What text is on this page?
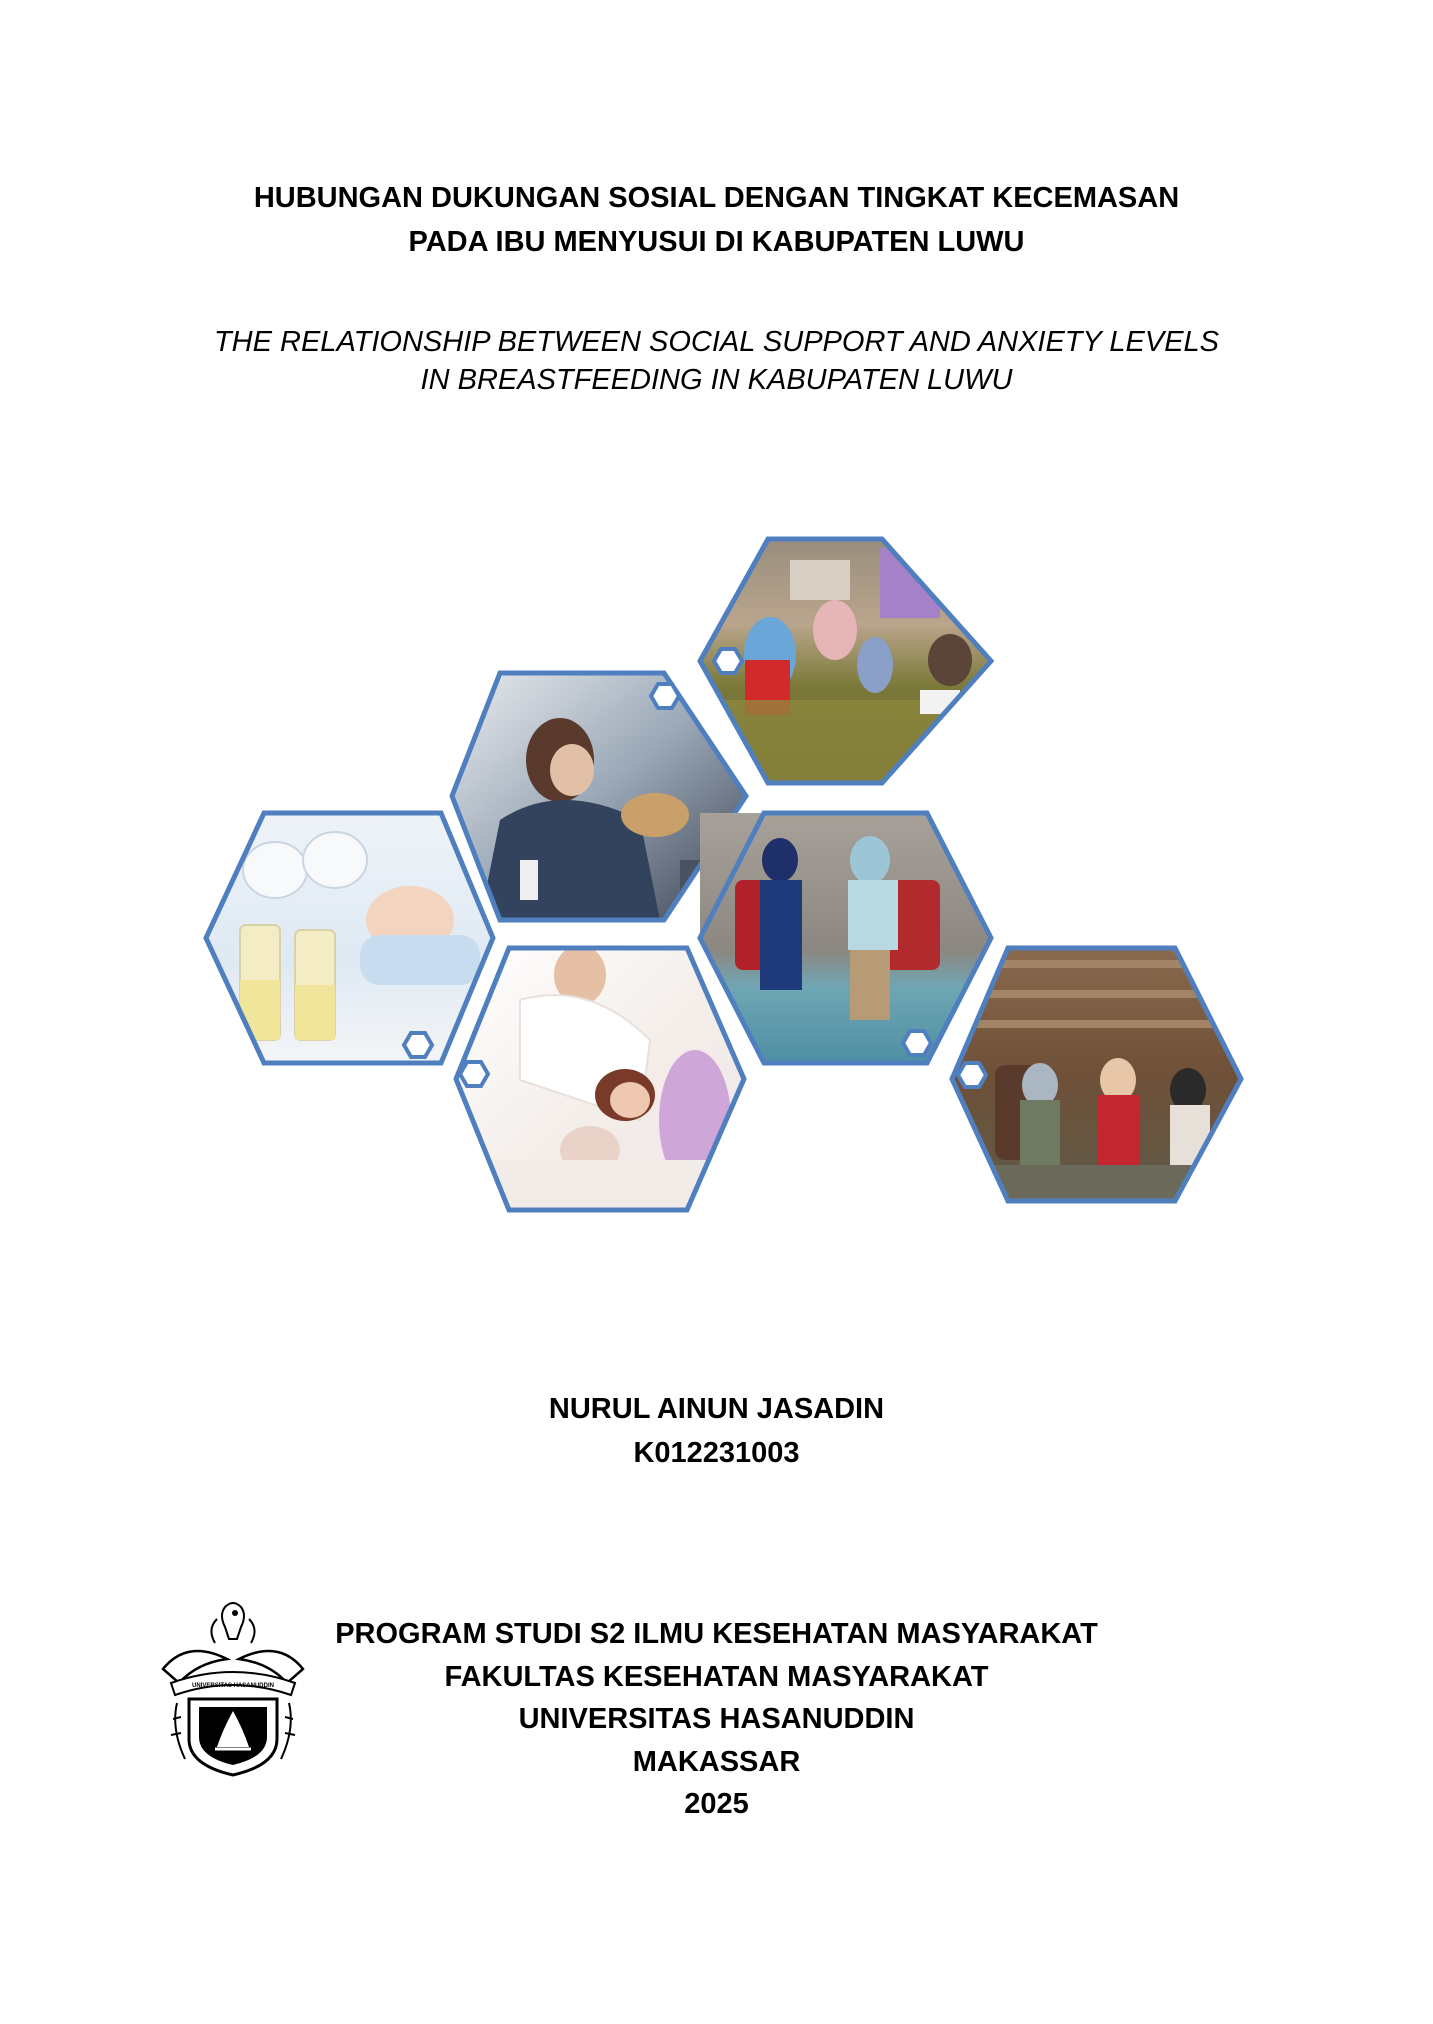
HUBUNGAN DUKUNGAN SOSIAL DENGAN TINGKAT KECEMASAN
PADA IBU MENYUSUI DI KABUPATEN LUWU
THE RELATIONSHIP BETWEEN SOCIAL SUPPORT AND ANXIETY LEVELS
IN BREASTFEEDING IN KABUPATEN LUWU
NURUL AINUN JASADIN
K012231003
UNIVERSITAS HASANUDDIN
PROGRAM STUDI S2 ILMU KESEHATAN MASYARAKAT
FAKULTAS KESEHATAN MASYARAKAT
UNIVERSITAS HASANUDDIN
MAKASSAR
2025
